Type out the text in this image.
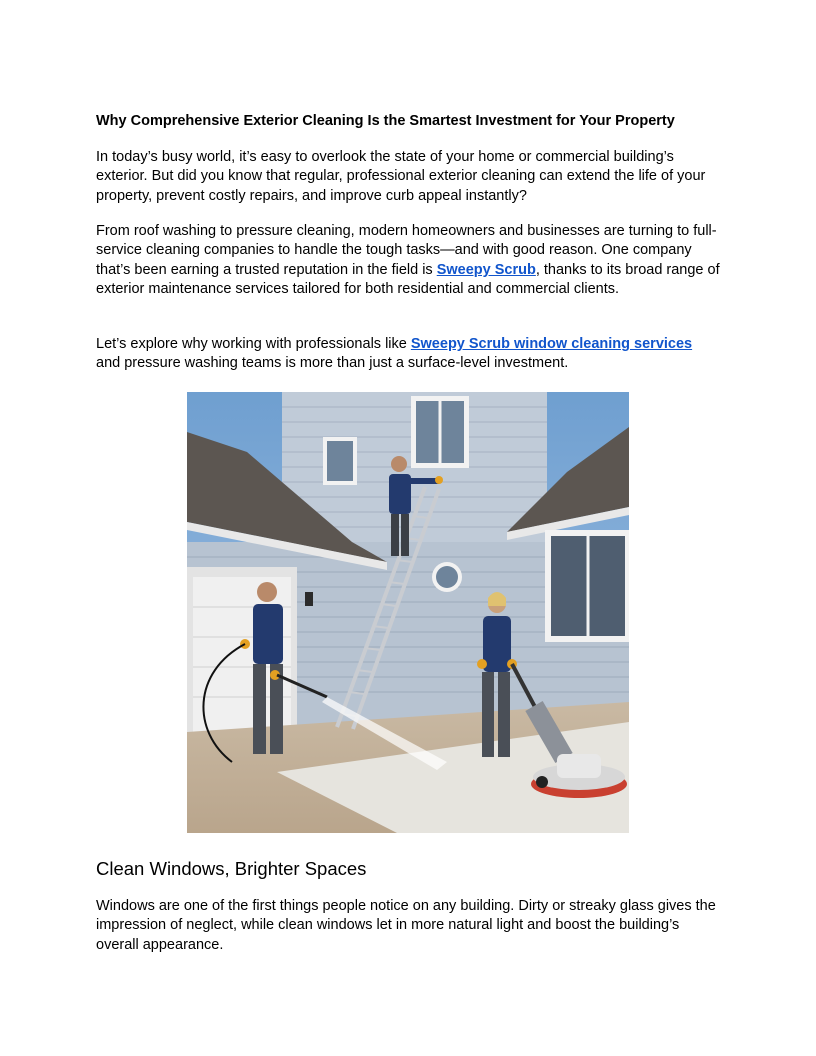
Why Comprehensive Exterior Cleaning Is the Smartest Investment for Your Property

In today’s busy world, it’s easy to overlook the state of your home or commercial building’s exterior. But did you know that regular, professional exterior cleaning can extend the life of your property, prevent costly repairs, and improve curb appeal instantly?

From roof washing to pressure cleaning, modern homeowners and businesses are turning to full-service cleaning companies to handle the tough tasks—and with good reason. One company that’s been earning a trusted reputation in the field is Sweepy Scrub, thanks to its broad range of exterior maintenance services tailored for both residential and commercial clients.

Let’s explore why working with professionals like Sweepy Scrub window cleaning services and pressure washing teams is more than just a surface-level investment.

Clean Windows, Brighter Spaces

Windows are one of the first things people notice on any building. Dirty or streaky glass gives the impression of neglect, while clean windows let in more natural light and boost the building’s overall appearance.
